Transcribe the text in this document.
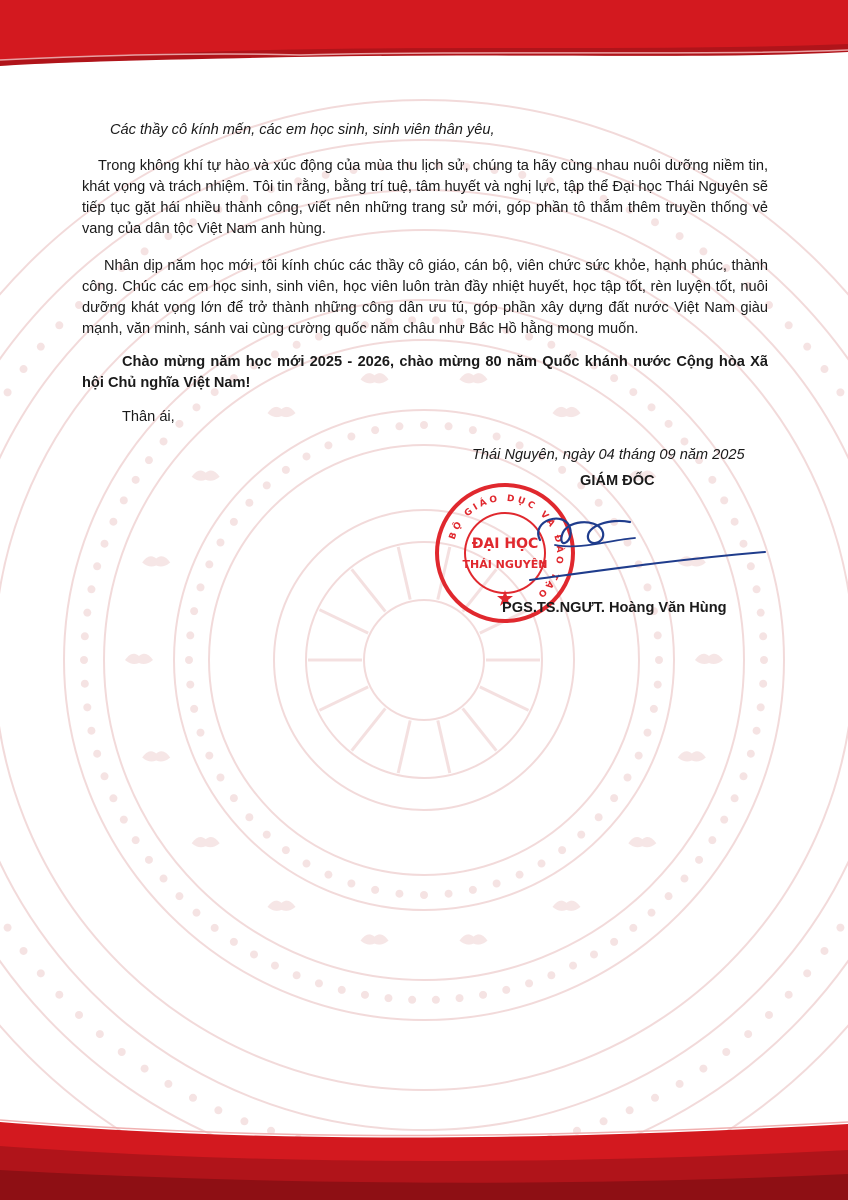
Các thầy cô kính mến, các em học sinh, sinh viên thân yêu,

Trong không khí tự hào và xúc động của mùa thu lịch sử, chúng ta hãy cùng nhau nuôi dưỡng niềm tin, khát vọng và trách nhiệm. Tôi tin rằng, bằng trí tuệ, tâm huyết và nghị lực, tập thể Đại học Thái Nguyên sẽ tiếp tục gặt hái nhiều thành công, viết nên những trang sử mới, góp phần tô thắm thêm truyền thống vẻ vang của dân tộc Việt Nam anh hùng.

Nhân dịp năm học mới, tôi kính chúc các thầy cô giáo, cán bộ, viên chức sức khỏe, hạnh phúc, thành công. Chúc các em học sinh, sinh viên, học viên luôn tràn đầy nhiệt huyết, học tập tốt, rèn luyện tốt, nuôi dưỡng khát vọng lớn để trở thành những công dân ưu tú, góp phần xây dựng đất nước Việt Nam giàu mạnh, văn minh, sánh vai cùng cường quốc năm châu như Bác Hồ hằng mong muốn.

Chào mừng năm học mới 2025 - 2026, chào mừng 80 năm Quốc khánh nước Cộng hòa Xã hội Chủ nghĩa Việt Nam!

Thân ái,
Thái Nguyên, ngày 04 tháng 09 năm 2025
GIÁM ĐỐC
BỘ GIÁO DỤC VÀ ĐÀO TẠO
ĐẠI HỌC
THÁI NGUYÊN
PGS.TS.NGƯT. Hoàng Văn Hùng
